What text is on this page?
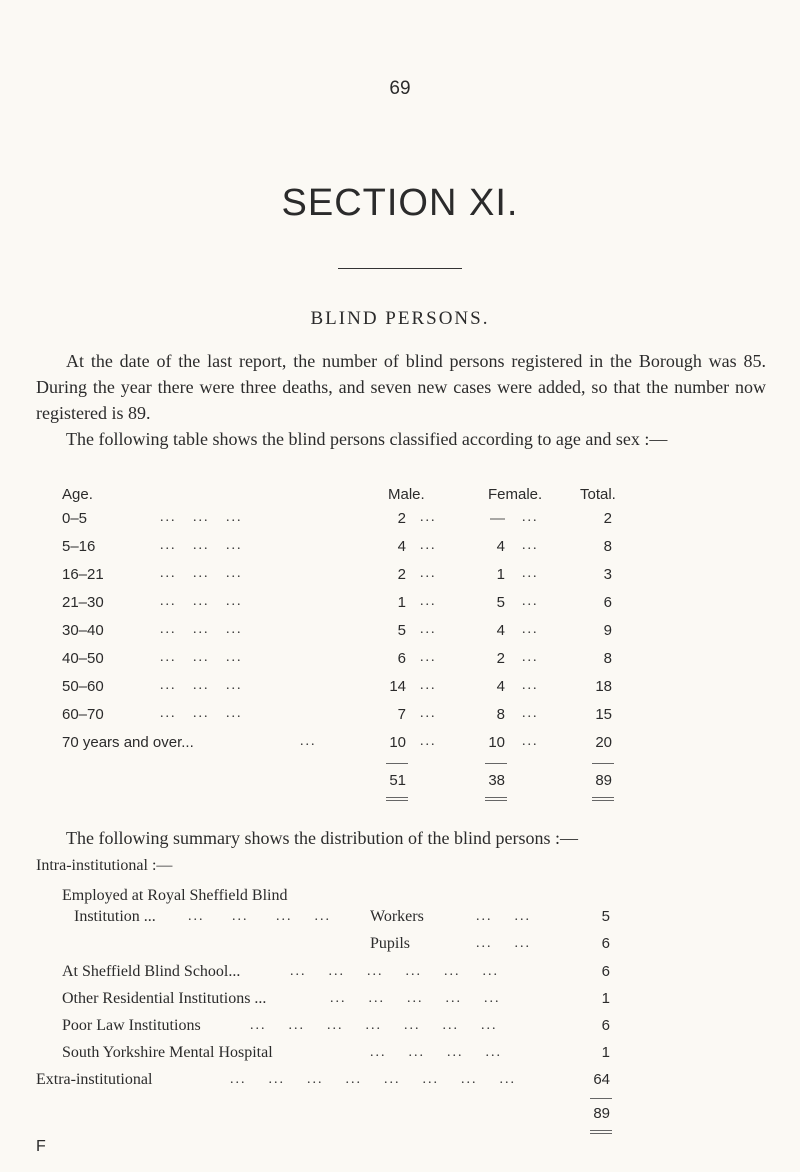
69
SECTION XI.
BLIND PERSONS.
At the date of the last report, the number of blind persons registered in the Borough was 85. During the year there were three deaths, and seven new cases were added, so that the number now registered is 89.
The following table shows the blind persons classified according to age and sex :—
Age.	Male.	Female.	Total.
0–5	...   ...   ...	2 ...	— ...	2
5–16	...   ...   ...	4 ...	4 ...	8
16–21	...   ...   ...	2 ...	1 ...	3
21–30	...   ...   ...	1 ...	5 ...	6
30–40	...   ...   ...	5 ...	4 ...	9
40–50	...   ...   ...	6 ...	2 ...	8
50–60	...   ...   ...	14 ...	4 ...	18
60–70	...   ...   ...	7 ...	8 ...	15
70 years and over...	...	10 ...	10 ...	20
51	38	89
The following summary shows the distribution of the blind persons :—
Intra-institutional :—
Employed at Royal Sheffield Blind
Institution ... ...     ...     ...    ... Workers	...    ...	5
Pupils	...    ...	6
At Sheffield Blind School...	...    ...    ...    ...    ...    ...	6
Other Residential Institutions ...	...    ...    ...    ...    ...	1
Poor Law Institutions	...    ...    ...    ...    ...    ...    ...	6
South Yorkshire Mental Hospital	...    ...    ...    ...	1
Extra-institutional	...    ...    ...    ...    ...    ...    ...    ...	64
89
F
